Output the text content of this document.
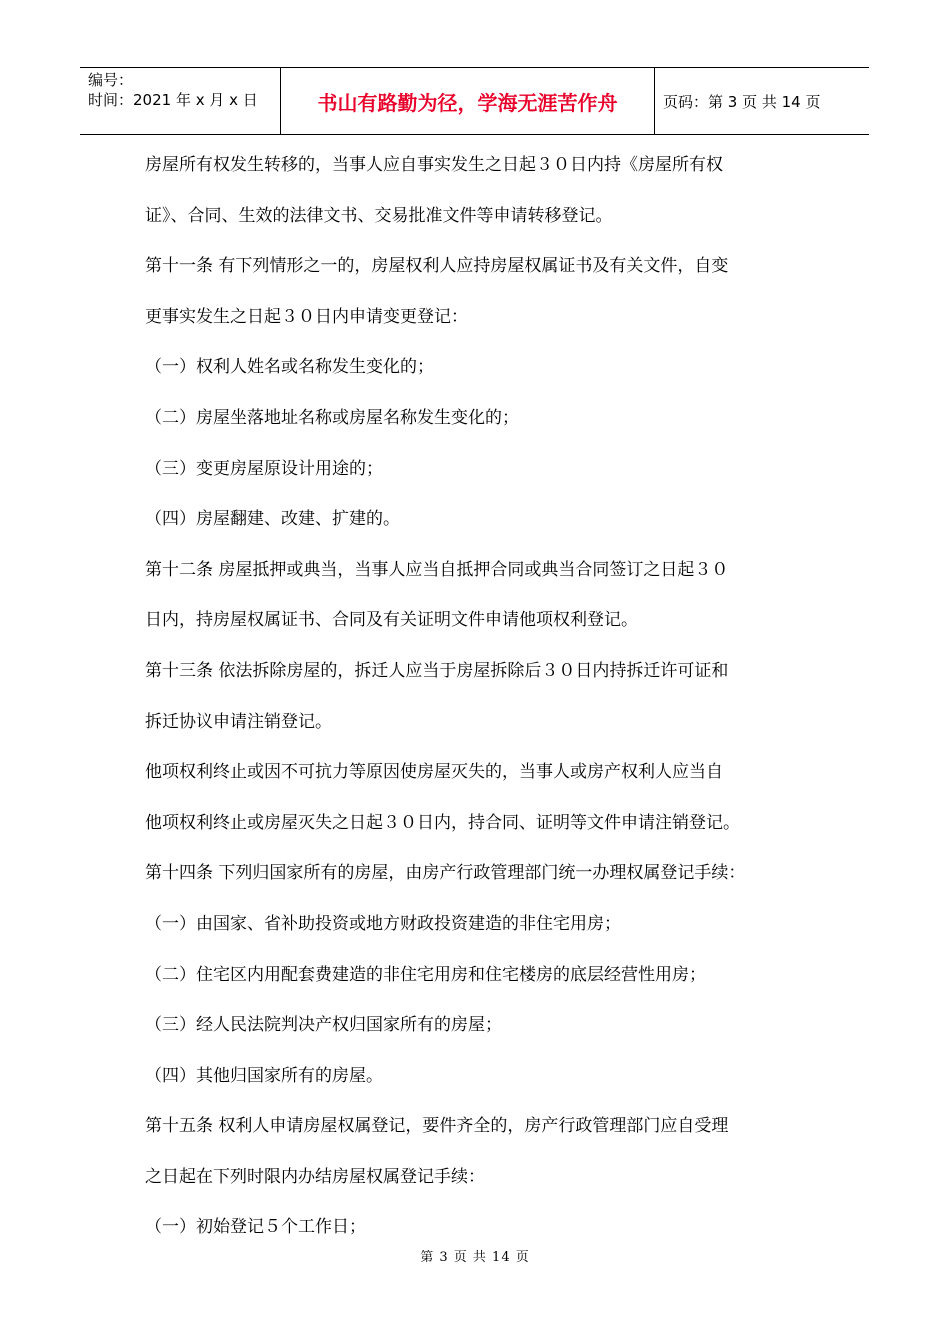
编号：
时间：2021 年 x 月 x 日	书山有路勤为径，学海无涯苦作舟	页码：第 3 页 共 14 页
房屋所有权发生转移的，当事人应自事实发生之日起３０日内持《房屋所有权
证》、合同、生效的法律文书、交易批准文件等申请转移登记。
第十一条 有下列情形之一的，房屋权利人应持房屋权属证书及有关文件，自变
更事实发生之日起３０日内申请变更登记：
（一）权利人姓名或名称发生变化的；
（二）房屋坐落地址名称或房屋名称发生变化的；
（三）变更房屋原设计用途的；
（四）房屋翻建、改建、扩建的。
第十二条 房屋抵押或典当，当事人应当自抵押合同或典当合同签订之日起３０
日内，持房屋权属证书、合同及有关证明文件申请他项权利登记。
第十三条 依法拆除房屋的，拆迁人应当于房屋拆除后３０日内持拆迁许可证和
拆迁协议申请注销登记。
他项权利终止或因不可抗力等原因使房屋灭失的，当事人或房产权利人应当自
他项权利终止或房屋灭失之日起３０日内，持合同、证明等文件申请注销登记。
第十四条 下列归国家所有的房屋，由房产行政管理部门统一办理权属登记手续：
（一）由国家、省补助投资或地方财政投资建造的非住宅用房；
（二）住宅区内用配套费建造的非住宅用房和住宅楼房的底层经营性用房；
（三）经人民法院判决产权归国家所有的房屋；
（四）其他归国家所有的房屋。
第十五条 权利人申请房屋权属登记，要件齐全的，房产行政管理部门应自受理
之日起在下列时限内办结房屋权属登记手续：
（一）初始登记５个工作日；
第 3 页 共 14 页
